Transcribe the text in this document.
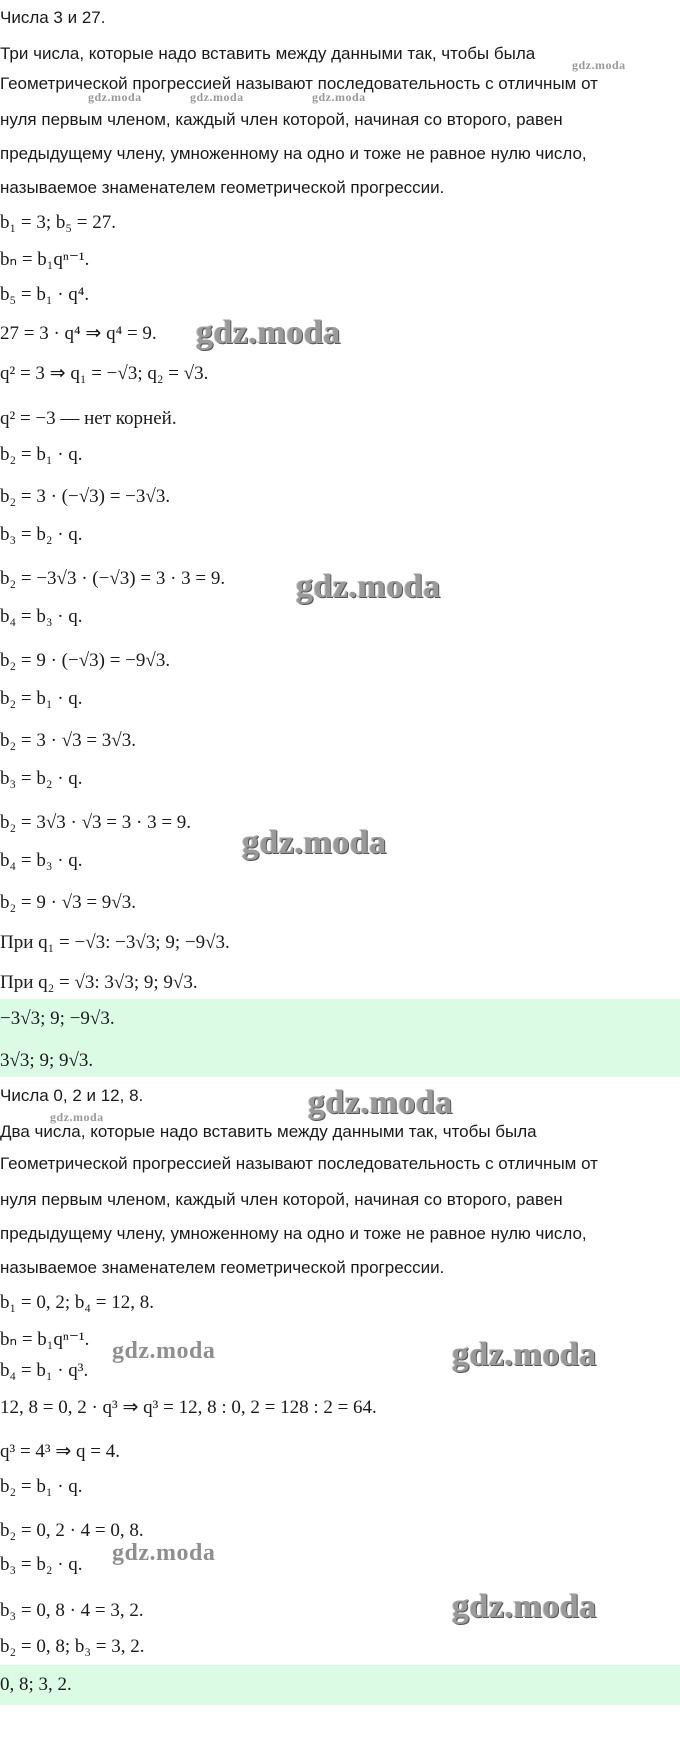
Числа 3 и 27.
Три числа, которые надо вставить между данными так, чтобы была
Геометрической прогрессией называют последовательность с отличным от
нуля первым членом, каждый член которой, начиная со второго, равен
предыдущему члену, умноженному на одно и тоже не равное нулю число,
называемое знаменателем геометрической прогрессии.
b₁ = 3; b₅ = 27.
bₙ = b₁qⁿ⁻¹.
b₅ = b₁ · q⁴.
27 = 3 · q⁴ ⇒ q⁴ = 9.
q² = 3 ⇒ q₁ = −√3; q₂ = √3.
q² = −3 — нет корней.
b₂ = b₁ · q.
b₂ = 3 · (−√3) = −3√3.
b₃ = b₂ · q.
b₂ = −3√3 · (−√3) = 3 · 3 = 9.
b₄ = b₃ · q.
b₂ = 9 · (−√3) = −9√3.
b₂ = b₁ · q.
b₂ = 3 · √3 = 3√3.
b₃ = b₂ · q.
b₂ = 3√3 · √3 = 3 · 3 = 9.
b₄ = b₃ · q.
b₂ = 9 · √3 = 9√3.
При q₁ = −√3: −3√3; 9; −9√3.
При q₂ = √3: 3√3; 9; 9√3.
−3√3; 9; −9√3.
3√3; 9; 9√3.
Числа 0, 2 и 12, 8.
Два числа, которые надо вставить между данными так, чтобы была
Геометрической прогрессией называют последовательность с отличным от
нуля первым членом, каждый член которой, начиная со второго, равен
предыдущему члену, умноженному на одно и тоже не равное нулю число,
называемое знаменателем геометрической прогрессии.
b₁ = 0, 2; b₄ = 12, 8.
bₙ = b₁qⁿ⁻¹.
b₄ = b₁ · q³.
12, 8 = 0, 2 · q³ ⇒ q³ = 12, 8 : 0, 2 = 128 : 2 = 64.
q³ = 4³ ⇒ q = 4.
b₂ = b₁ · q.
b₂ = 0, 2 · 4 = 0, 8.
b₃ = b₂ · q.
b₃ = 0, 8 · 4 = 3, 2.
b₂ = 0, 8; b₃ = 3, 2.
0, 8; 3, 2.
gdz.moda
gdz.moda	gdz.moda	gdz.moda
gdz.moda
gdz.moda
gdz.moda
gdz.moda
gdz.moda
gdz.moda	gdz.moda
gdz.moda
gdz.moda
